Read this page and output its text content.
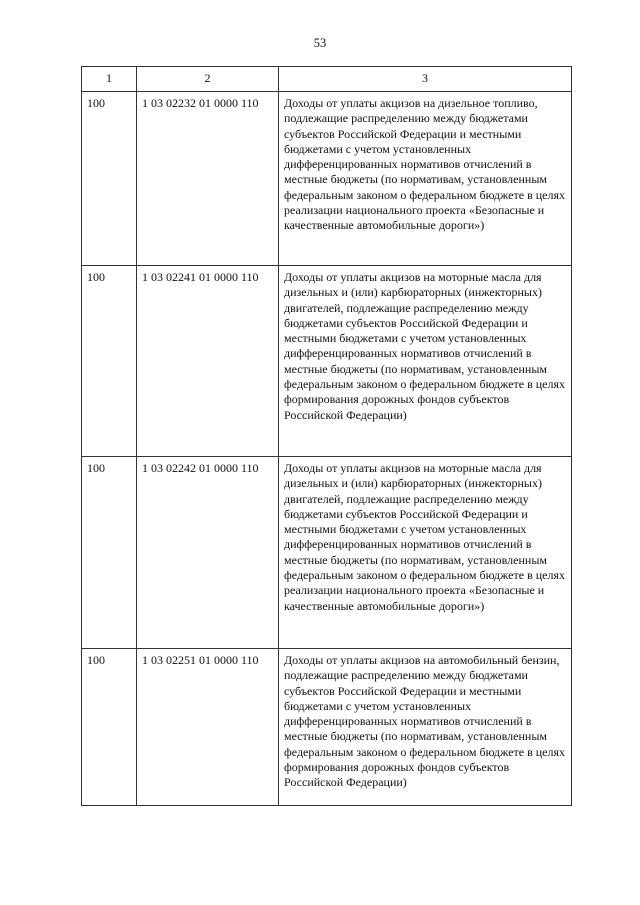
53
1	2	3
100	1 03 02232 01 0000 110	Доходы от уплаты акцизов на дизельное топливо, подлежащие распределению между бюджетами субъектов Российской Федерации и местными бюджетами с учетом установленных дифференцированных нормативов отчислений в местные бюджеты (по нормативам, установленным федеральным законом о федеральном бюджете в целях реализации национального проекта «Безопасные и качественные автомобильные дороги»)
100	1 03 02241 01 0000 110	Доходы от уплаты акцизов на моторные масла для дизельных и (или) карбюраторных (инжекторных) двигателей, подлежащие распределению между бюджетами субъектов Российской Федерации и местными бюджетами с учетом установленных дифференцированных нормативов отчислений в местные бюджеты (по нормативам, установленным федеральным законом о федеральном бюджете в целях формирования дорожных фондов субъектов Российской Федерации)
100	1 03 02242 01 0000 110	Доходы от уплаты акцизов на моторные масла для дизельных и (или) карбюраторных (инжекторных) двигателей, подлежащие распределению между бюджетами субъектов Российской Федерации и местными бюджетами с учетом установленных дифференцированных нормативов отчислений в местные бюджеты (по нормативам, установленным федеральным законом о федеральном бюджете в целях реализации национального проекта «Безопасные и качественные автомобильные дороги»)
100	1 03 02251 01 0000 110	Доходы от уплаты акцизов на автомобильный бензин, подлежащие распределению между бюджетами субъектов Российской Федерации и местными бюджетами с учетом установленных дифференцированных нормативов отчислений в местные бюджеты (по нормативам, установленным федеральным законом о федеральном бюджете в целях формирования дорожных фондов субъектов Российской Федерации)
